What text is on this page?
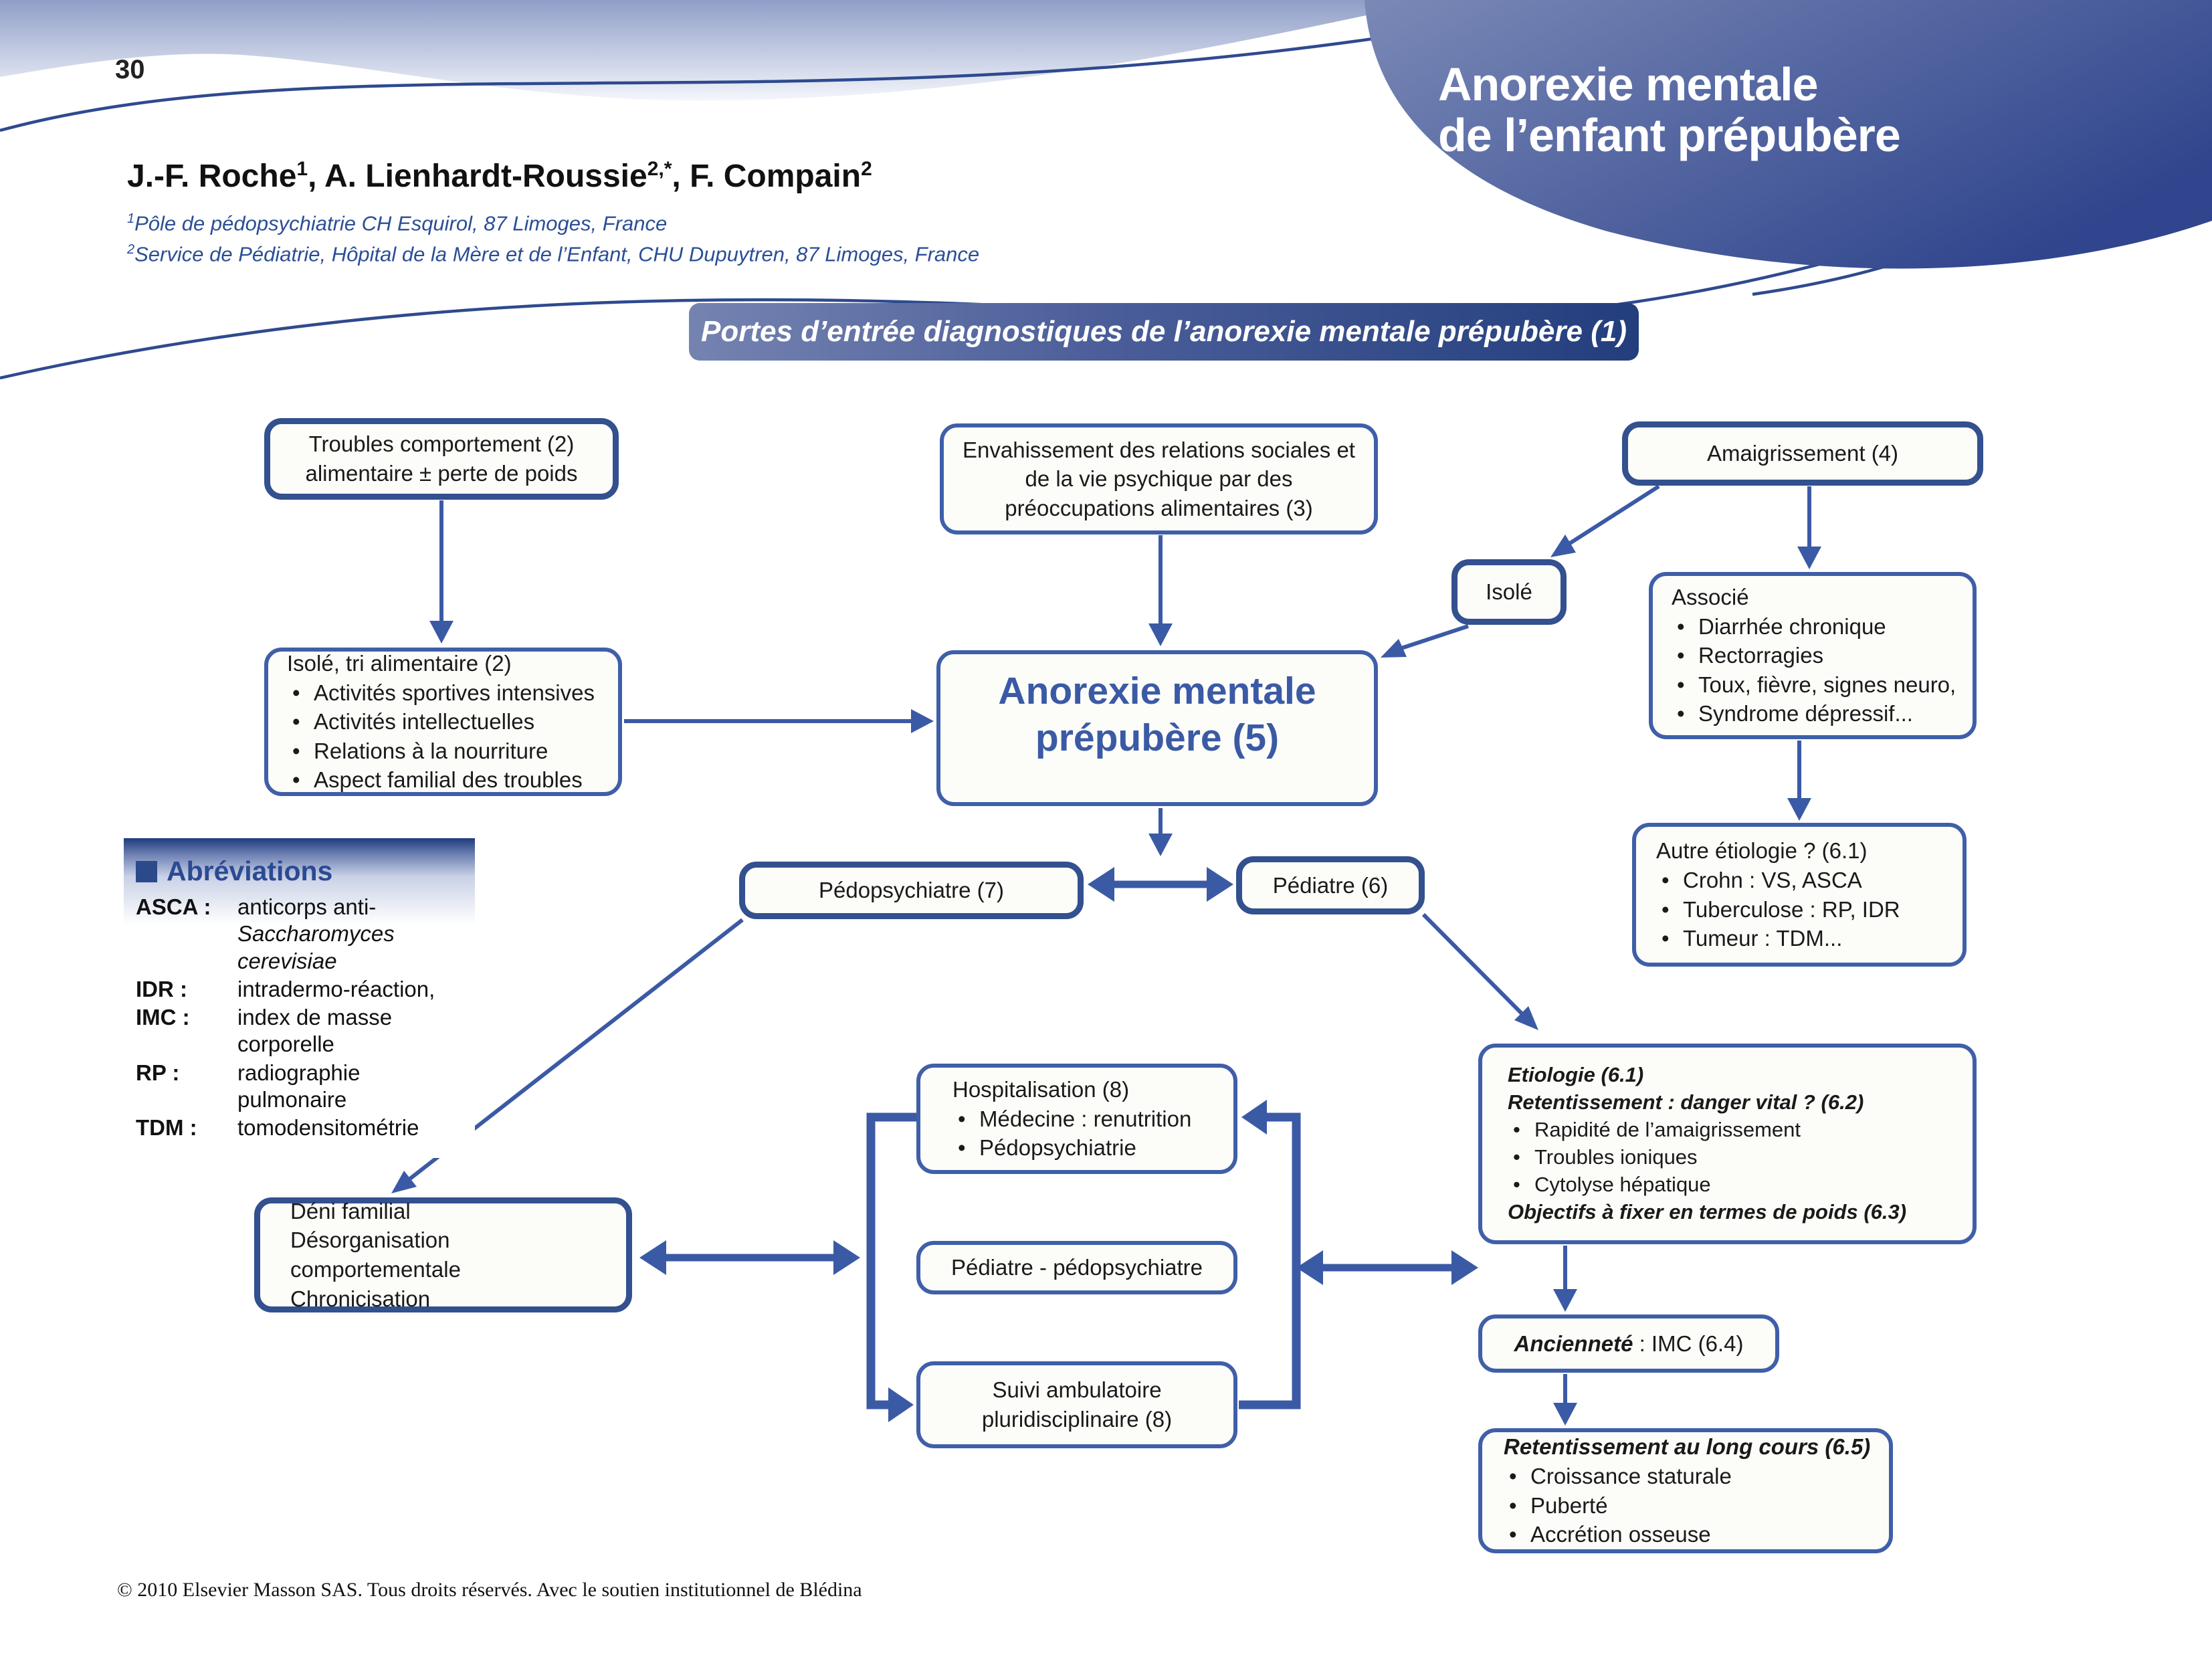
30
J.-F. Roche$^1$, A. Lienhardt-Roussie$^{2,*}$, F. Compain$^2$
$^1$Pôle de pédopsychiatrie CH Esquirol, 87 Limoges, France
$^2$Service de Pédiatrie, Hôpital de la Mère et de l’Enfant, CHU Dupuytren, 87 Limoges, France
Anorexie mentale
de l’enfant prépubère
Portes d’entrée diagnostiques de l’anorexie mentale prépubère (1)
Troubles comportement (2)
alimentaire ± perte de poids
Envahissement des relations sociales et de la vie psychique par des préoccupations alimentaires (3)
Amaigrissement (4)
Isolé	Associé
• Diarrhée chronique
• Rectorragies
• Toux, fièvre, signes neuro,
• Syndrome dépressif...
Isolé, tri alimentaire (2)
• Activités sportives intensives
• Activités intellectuelles
• Relations à la nourriture
• Aspect familial des troubles
Anorexie mentale
prépubère (5)
Pédopsychiatre (7)	Pédiatre (6)
Autre étiologie ? (6.1)
• Crohn : VS, ASCA
• Tuberculose : RP, IDR
• Tumeur : TDM...
Hospitalisation (8)
• Médecine : renutrition
• Pédopsychiatrie
Etiologie (6.1)
Retentissement : danger vital ? (6.2)
• Rapidité de l’amaigrissement
• Troubles ioniques
• Cytolyse hépatique
Objectifs à fixer en termes de poids (6.3)
Déni familial
Désorganisation comportementale
Chronicisation
Pédiatre - pédopsychiatre
Ancienneté : IMC (6.4)
Suivi ambulatoire
pluridisciplinaire (8)
Retentissement au long cours (6.5)
• Croissance staturale
• Puberté
• Accrétion osseuse
Abréviations
ASCA :	anticorps anti-Saccharomyces cerevisiae
IDR :	intradermo-réaction,
IMC :	index de masse corporelle
RP :	radiographie pulmonaire
TDM :	tomodensitométrie
© 2010 Elsevier Masson SAS. Tous droits réservés. Avec le soutien institutionnel de Blédina
